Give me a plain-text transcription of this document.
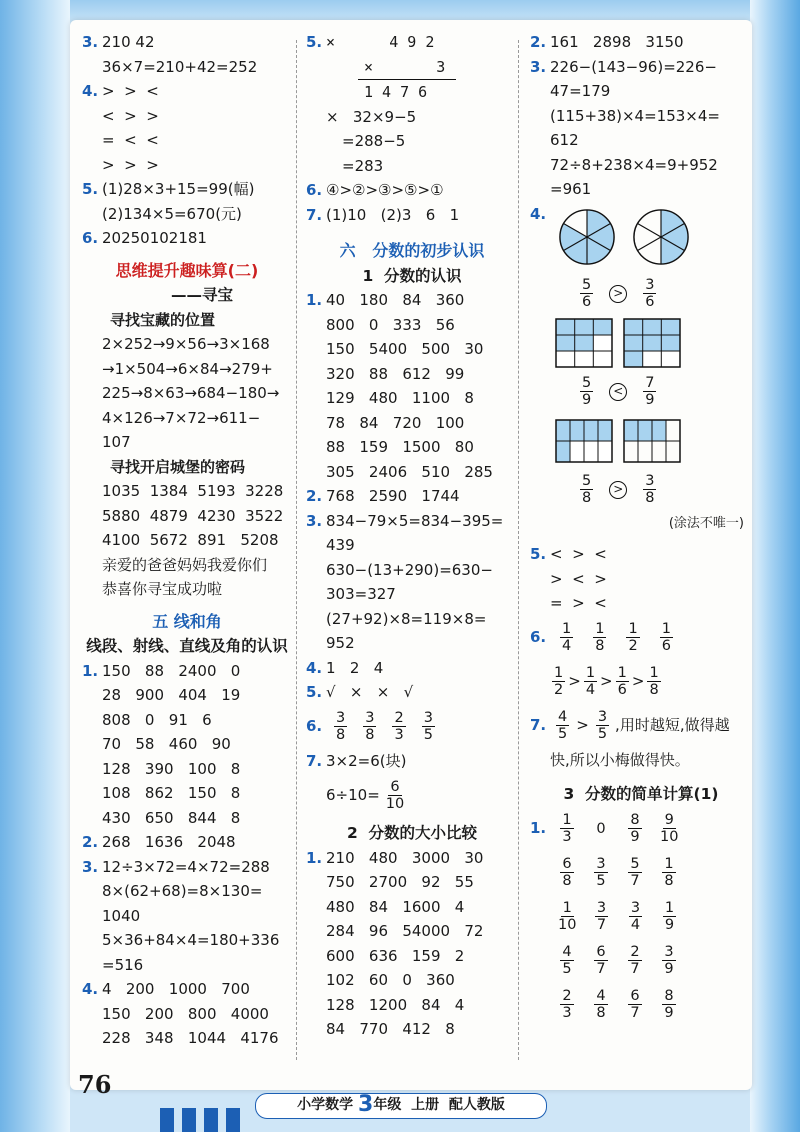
3. 210 42
36×7=210+42=252
4. >  >  <
<  >  >
=  <  <
>  >  >
5. (1)28×3+15=99(幅)
(2)134×5=670(元)
6. 20250102181
思维提升趣味算(二)
——寻宝
寻找宝藏的位置
2×252→9×56→3×168
→1×504→6×84→279+
225→8×63→684−180→
4×126→7×72→611−
107
寻找开启城堡的密码
1035  1384  5193  3228
5880  4879  4230  3522
4100  5672  891   5208
亲爱的爸爸妈妈我爱你们
恭喜你寻宝成功啦
五 线和角
线段、射线、直线及角的认识
1. 150   88   2400   0
28   900   404   19
808   0   91   6
70   58   460   90
128   390   100   8
108   862   150   8
430   650   844   8
2. 268   1636   2048
3. 12÷3×72=4×72=288
8×(62+68)=8×130=
1040
5×36+84×4=180+336
=516
4. 4   200   1000   700
150   200   800   4000
228   348   1044   4176
5. ×      4 9 2
×       3
1 4 7 6
×   32×9−5
=288−5
=283
6. ④>②>③>⑤>①
7. (1)10   (2)3   6   1
六   分数的初步认识
1  分数的认识
1. 40   180   84   360
800   0   333   56
150   5400   500   30
320   88   612   99
129   480   1100   8
78   84   720   100
88   159   1500   80
305   2406   510   285
2. 768   2590   1744
3. 834−79×5=834−395=
439
630−(13+290)=630−
303=327
(27+92)×8=119×8=
952
4. 1   2   4
5. √   ×   ×   √
6. $\frac{3}{8} \frac{3}{8} \frac{2}{3} \frac{3}{5}$
7. 3×2=6(块)
$6\div 10= \frac{6}{10}$
2  分数的大小比较
1. 210   480   3000   30
750   2700   92   55
480   84   1600   4
284   96   54000   72
600   636   159   2
102   60   0   360
128   1200   84   4
84   770   412   8
2. 161   2898   3150
3. 226−(143−96)=226−
47=179
(115+38)×4=153×4=
612
72÷8+238×4=9+952
=961
4.
$\frac{5}{6}$	> $\frac{3}{6}$
$\frac{5}{9}$	< $\frac{7}{9}$
$\frac{5}{8}$	> $\frac{3}{8}$
(涂法不唯一)
5. <  >  <
>  <  >
=  >  <
6. $\frac{1}{4} \frac{1}{8} \frac{1}{2} \frac{1}{6}$
$\frac{1}{2} > \frac{1}{4} > \frac{1}{6} > \frac{1}{8}$
7. $\frac{4}{5} > \frac{3}{5}$ ,用时越短,做得越
快,所以小梅做得快。
3  分数的简单计算(1)
1. $\frac{1}{3}$	0	$\frac{8}{9} \frac{9}{10}$
$\frac{6}{8} \frac{3}{5} \frac{5}{7} \frac{1}{8}$
$\frac{1}{10} \frac{3}{7} \frac{3}{4} \frac{1}{9}$
$\frac{4}{5} \frac{6}{7} \frac{2}{7} \frac{3}{9}$
$\frac{2}{3} \frac{4}{8} \frac{6}{7} \frac{8}{9}$
76
小学数学 3年级 上册 配人教版
